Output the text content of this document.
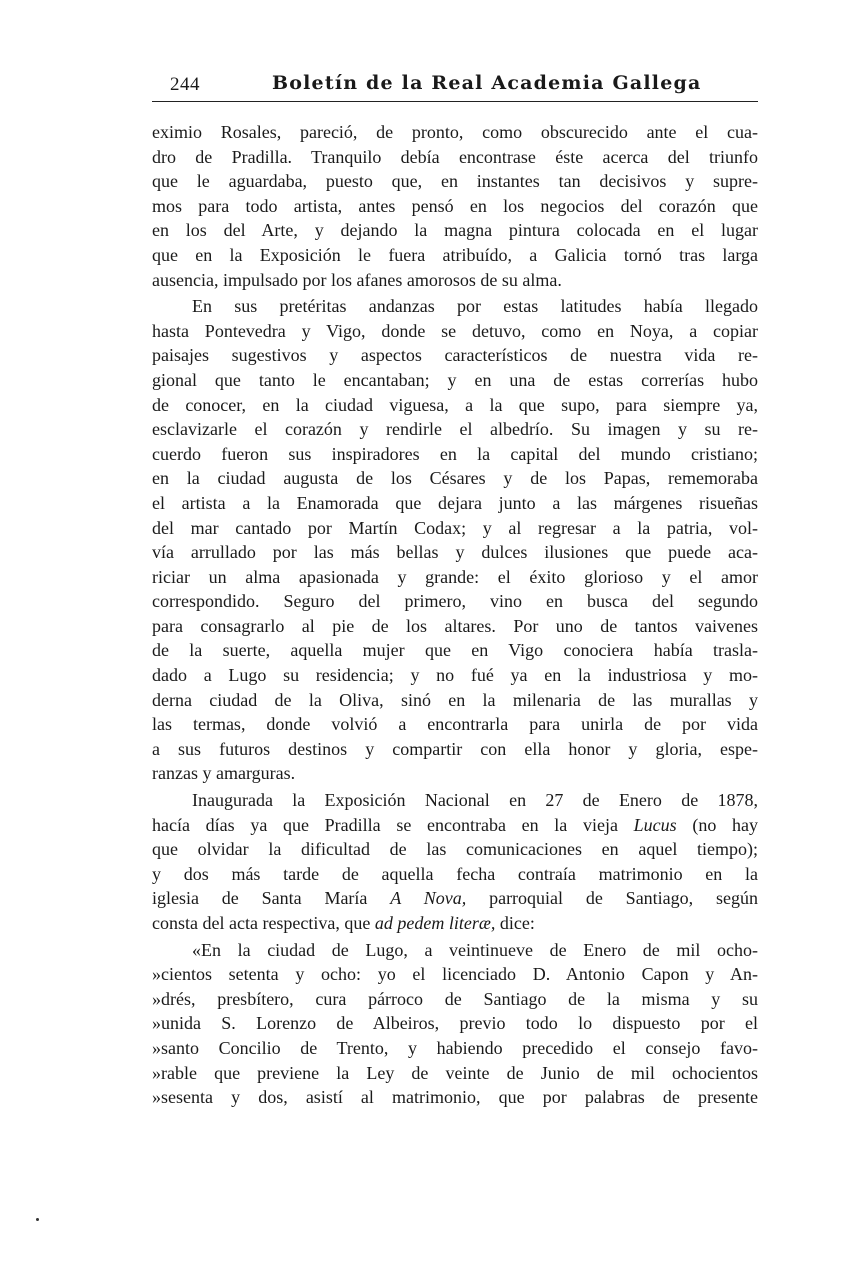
244	Boletín de la Real Academia Gallega
eximio Rosales, pareció, de pronto, como obscurecido ante el cua-
dro de Pradilla. Tranquilo debía encontrase éste acerca del triunfo
que le aguardaba, puesto que, en instantes tan decisivos y supre-
mos para todo artista, antes pensó en los negocios del corazón que
en los del Arte, y dejando la magna pintura colocada en el lugar
que en la Exposición le fuera atribuído, a Galicia tornó tras larga
ausencia, impulsado por los afanes amorosos de su alma.
En sus pretéritas andanzas por estas latitudes había llegado
hasta Pontevedra y Vigo, donde se detuvo, como en Noya, a copiar
paisajes sugestivos y aspectos característicos de nuestra vida re-
gional que tanto le encantaban; y en una de estas correrías hubo
de conocer, en la ciudad viguesa, a la que supo, para siempre ya,
esclavizarle el corazón y rendirle el albedrío. Su imagen y su re-
cuerdo fueron sus inspiradores en la capital del mundo cristiano;
en la ciudad augusta de los Césares y de los Papas, rememoraba
el artista a la Enamorada que dejara junto a las márgenes risueñas
del mar cantado por Martín Codax; y al regresar a la patria, vol-
vía arrullado por las más bellas y dulces ilusiones que puede aca-
riciar un alma apasionada y grande: el éxito glorioso y el amor
correspondido. Seguro del primero, vino en busca del segundo
para consagrarlo al pie de los altares. Por uno de tantos vaivenes
de la suerte, aquella mujer que en Vigo conociera había trasla-
dado a Lugo su residencia; y no fué ya en la industriosa y mo-
derna ciudad de la Oliva, sinó en la milenaria de las murallas y
las termas, donde volvió a encontrarla para unirla de por vida
a sus futuros destinos y compartir con ella honor y gloria, espe-
ranzas y amarguras.
Inaugurada la Exposición Nacional en 27 de Enero de 1878,
hacía días ya que Pradilla se encontraba en la vieja Lucus (no hay
que olvidar la dificultad de las comunicaciones en aquel tiempo);
y dos más tarde de aquella fecha contraía matrimonio en la
iglesia de Santa María A Nova, parroquial de Santiago, según
consta del acta respectiva, que ad pedem literæ, dice:
«En la ciudad de Lugo, a veintinueve de Enero de mil ocho-
»cientos setenta y ocho: yo el licenciado D. Antonio Capon y An-
»drés, presbítero, cura párroco de Santiago de la misma y su
»unida S. Lorenzo de Albeiros, previo todo lo dispuesto por el
»santo Concilio de Trento, y habiendo precedido el consejo favo-
»rable que previene la Ley de veinte de Junio de mil ochocientos
»sesenta y dos, asistí al matrimonio, que por palabras de presente
